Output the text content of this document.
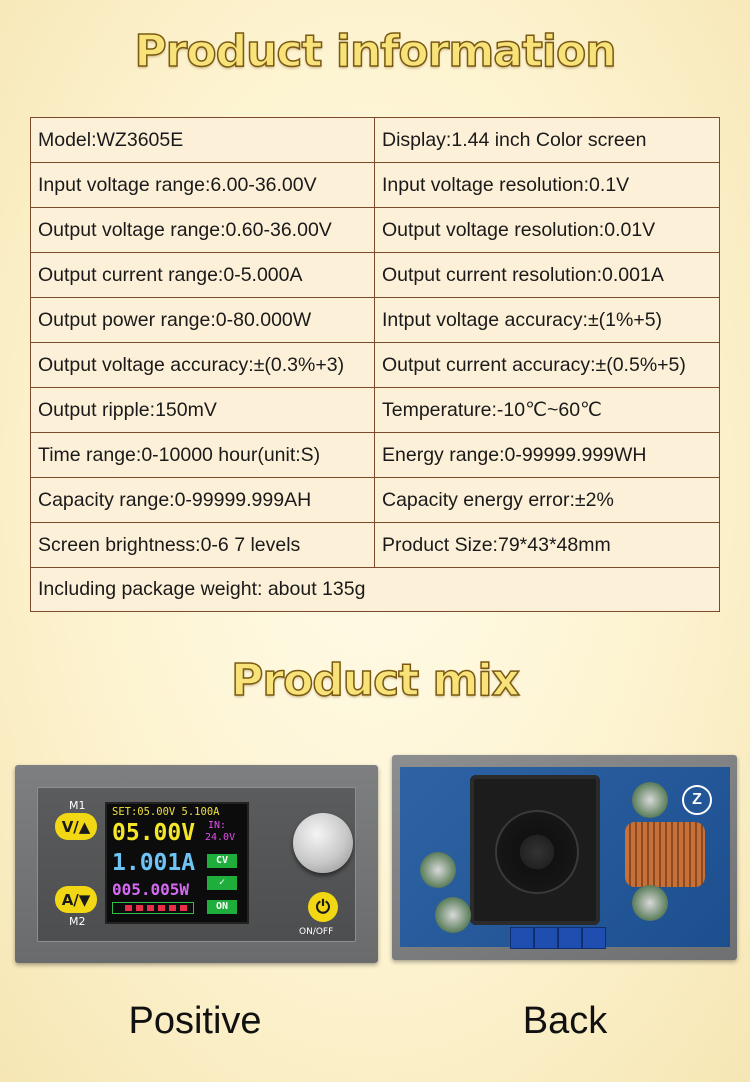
Product information
Model:WZ3605E	Display:1.44 inch Color screen
Input voltage range:6.00-36.00V	Input voltage resolution:0.1V
Output voltage range:0.60-36.00V	Output voltage resolution:0.01V
Output current range:0-5.000A	Output current resolution:0.001A
Output power range:0-80.000W	Intput voltage accuracy:±(1%+5)
Output voltage accuracy:±(0.3%+3)	Output current accuracy:±(0.5%+5)
Output ripple:150mV	Temperature:-10℃~60℃
Time range:0-10000 hour(unit:S)	Energy range:0-99999.999WH
Capacity range:0-99999.999AH	Capacity energy error:±2%
Screen brightness:0-6 7 levels	Product Size:79*43*48mm
Including package weight: about 135g	
Product mix
M1
V/▲
A/▼
M2
SET:05.00V 5.100A
05.00V
1.001A
005.005W
IN:
24.0V
CV
✓
ON	⏻
ON/OFF
Z
Positive	Back
